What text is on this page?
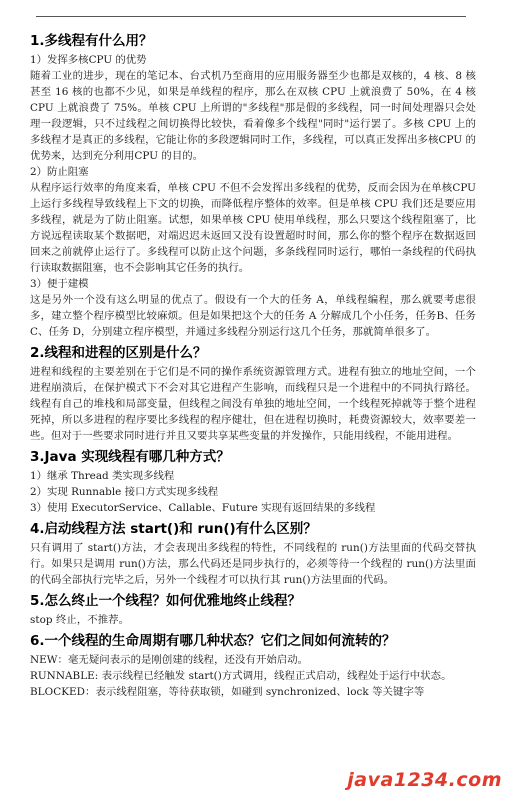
1.多线程有什么用？

1）发挥多核CPU 的优势

随着工业的进步，现在的笔记本、台式机乃至商用的应用服务器至少也都是双核的，4 核、8 核甚至 16 核的也都不少见，如果是单线程的程序，那么在双核 CPU 上就浪费了 50%，在 4 核 CPU 上就浪费了 75%。单核 CPU 上所谓的"多线程"那是假的多线程，同一时间处理器只会处理一段逻辑，只不过线程之间切换得比较快，看着像多个线程"同时"运行罢了。多核 CPU 上的多线程才是真正的多线程，它能让你的多段逻辑同时工作，多线程，可以真正发挥出多核CPU 的优势来，达到充分利用CPU 的目的。

2）防止阻塞

从程序运行效率的角度来看，单核 CPU 不但不会发挥出多线程的优势，反而会因为在单核CPU 上运行多线程导致线程上下文的切换，而降低程序整体的效率。但是单核 CPU 我们还是要应用多线程，就是为了防止阻塞。试想，如果单核 CPU 使用单线程，那么只要这个线程阻塞了，比方说远程读取某个数据吧，对端迟迟未返回又没有设置超时时间，那么你的整个程序在数据返回回来之前就停止运行了。多线程可以防止这个问题，多条线程同时运行，哪怕一条线程的代码执行读取数据阻塞，也不会影响其它任务的执行。

3）便于建模

这是另外一个没有这么明显的优点了。假设有一个大的任务 A，单线程编程，那么就要考虑很多，建立整个程序模型比较麻烦。但是如果把这个大的任务 A 分解成几个小任务，任务B、任务 C、任务 D，分别建立程序模型，并通过多线程分别运行这几个任务，那就简单很多了。

2.线程和进程的区别是什么？

进程和线程的主要差别在于它们是不同的操作系统资源管理方式。进程有独立的地址空间，一个进程崩溃后，在保护模式下不会对其它进程产生影响，而线程只是一个进程中的不同执行路径。线程有自己的堆栈和局部变量，但线程之间没有单独的地址空间，一个线程死掉就等于整个进程死掉，所以多进程的程序要比多线程的程序健壮，但在进程切换时，耗费资源较大，效率要差一些。但对于一些要求同时进行并且又要共享某些变量的并发操作，只能用线程，不能用进程。

3.Java 实现线程有哪几种方式？

1）继承 Thread 类实现多线程

2）实现 Runnable 接口方式实现多线程

3）使用 ExecutorService、Callable、Future 实现有返回结果的多线程

4.启动线程方法 start()和 run()有什么区别？

只有调用了 start()方法，才会表现出多线程的特性，不同线程的 run()方法里面的代码交替执行。如果只是调用 run()方法，那么代码还是同步执行的，必须等待一个线程的 run()方法里面的代码全部执行完毕之后，另外一个线程才可以执行其 run()方法里面的代码。

5.怎么终止一个线程？如何优雅地终止线程？

stop 终止，不推荐。

6.一个线程的生命周期有哪几种状态？它们之间如何流转的？

NEW：毫无疑问表示的是刚创建的线程，还没有开始启动。

RUNNABLE: 表示线程已经触发 start()方式调用，线程正式启动，线程处于运行中状态。

BLOCKED：表示线程阻塞，等待获取锁，如碰到 synchronized、lock 等关键字等

java1234.com
